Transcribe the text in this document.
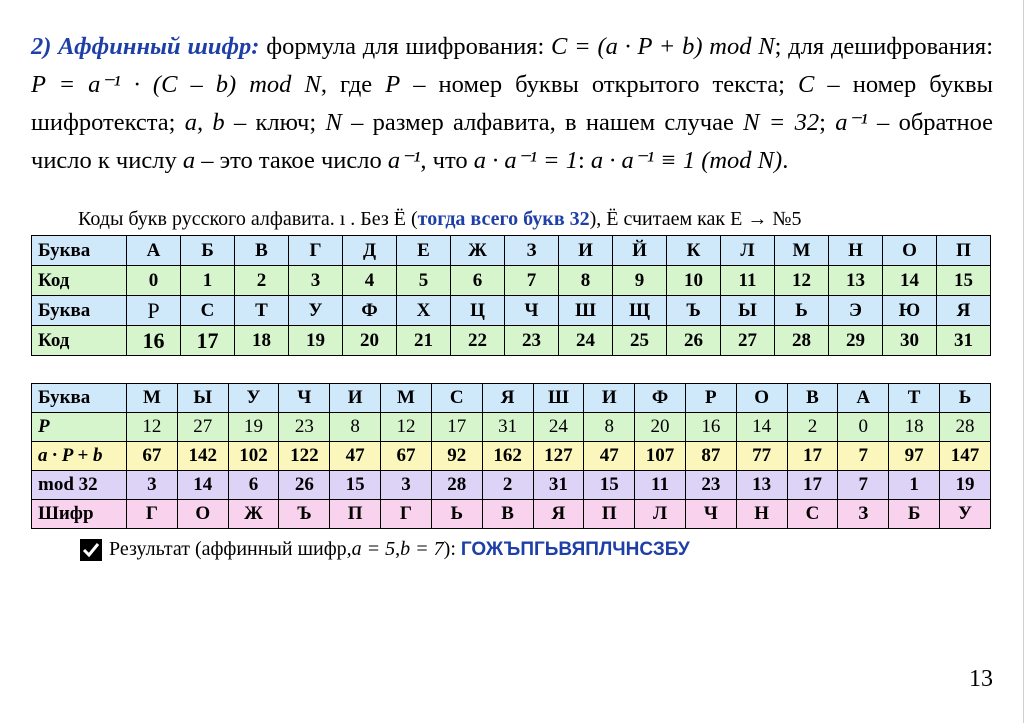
2) Аффинный шифр: формула для шифрования: C = (a · P + b) mod N; для дешифрования: P = a⁻¹ · (C – b) mod N, где P – номер буквы открытого текста; C – номер буквы шифротекста; a, b – ключ; N – размер алфавита, в нашем случае N = 32; a⁻¹ – обратное число к числу a – это такое число a⁻¹, что a · a⁻¹ = 1: a · a⁻¹ ≡ 1 (mod N).
Коды букв русского алфавита. ı . Без Ё (тогда всего букв 32), Ё считаем как Е → №5
Буква	А	Б	В	Г	Д	Е	Ж	З	И	Й	К	Л	М	Н	О	П
Код	0	1	2	3	4	5	6	7	8	9	10	11	12	13	14	15
Буква	Р	С	Т	У	Ф	Х	Ц	Ч	Ш	Щ	Ъ	Ы	Ь	Э	Ю	Я
Код	16	17	18	19	20	21	22	23	24	25	26	27	28	29	30	31
Буква	М	Ы	У	Ч	И	М	С	Я	Ш	И	Ф	Р	О	В	А	Т	Ь
P	12	27	19	23	8	12	17	31	24	8	20	16	14	2	0	18	28
a · P + b	67	142	102	122	47	67	92	162	127	47	107	87	77	17	7	97	147
mod 32	3	14	6	26	15	3	28	2	31	15	11	23	13	17	7	1	19
Шифр	Г	О	Ж	Ъ	П	Г	Ь	В	Я	П	Л	Ч	Н	С	З	Б	У
Результат (аффинный шифр, a = 5 , b = 7 ):
ГОЖЪПГЬВЯПЛЧНСЗБУ
13
